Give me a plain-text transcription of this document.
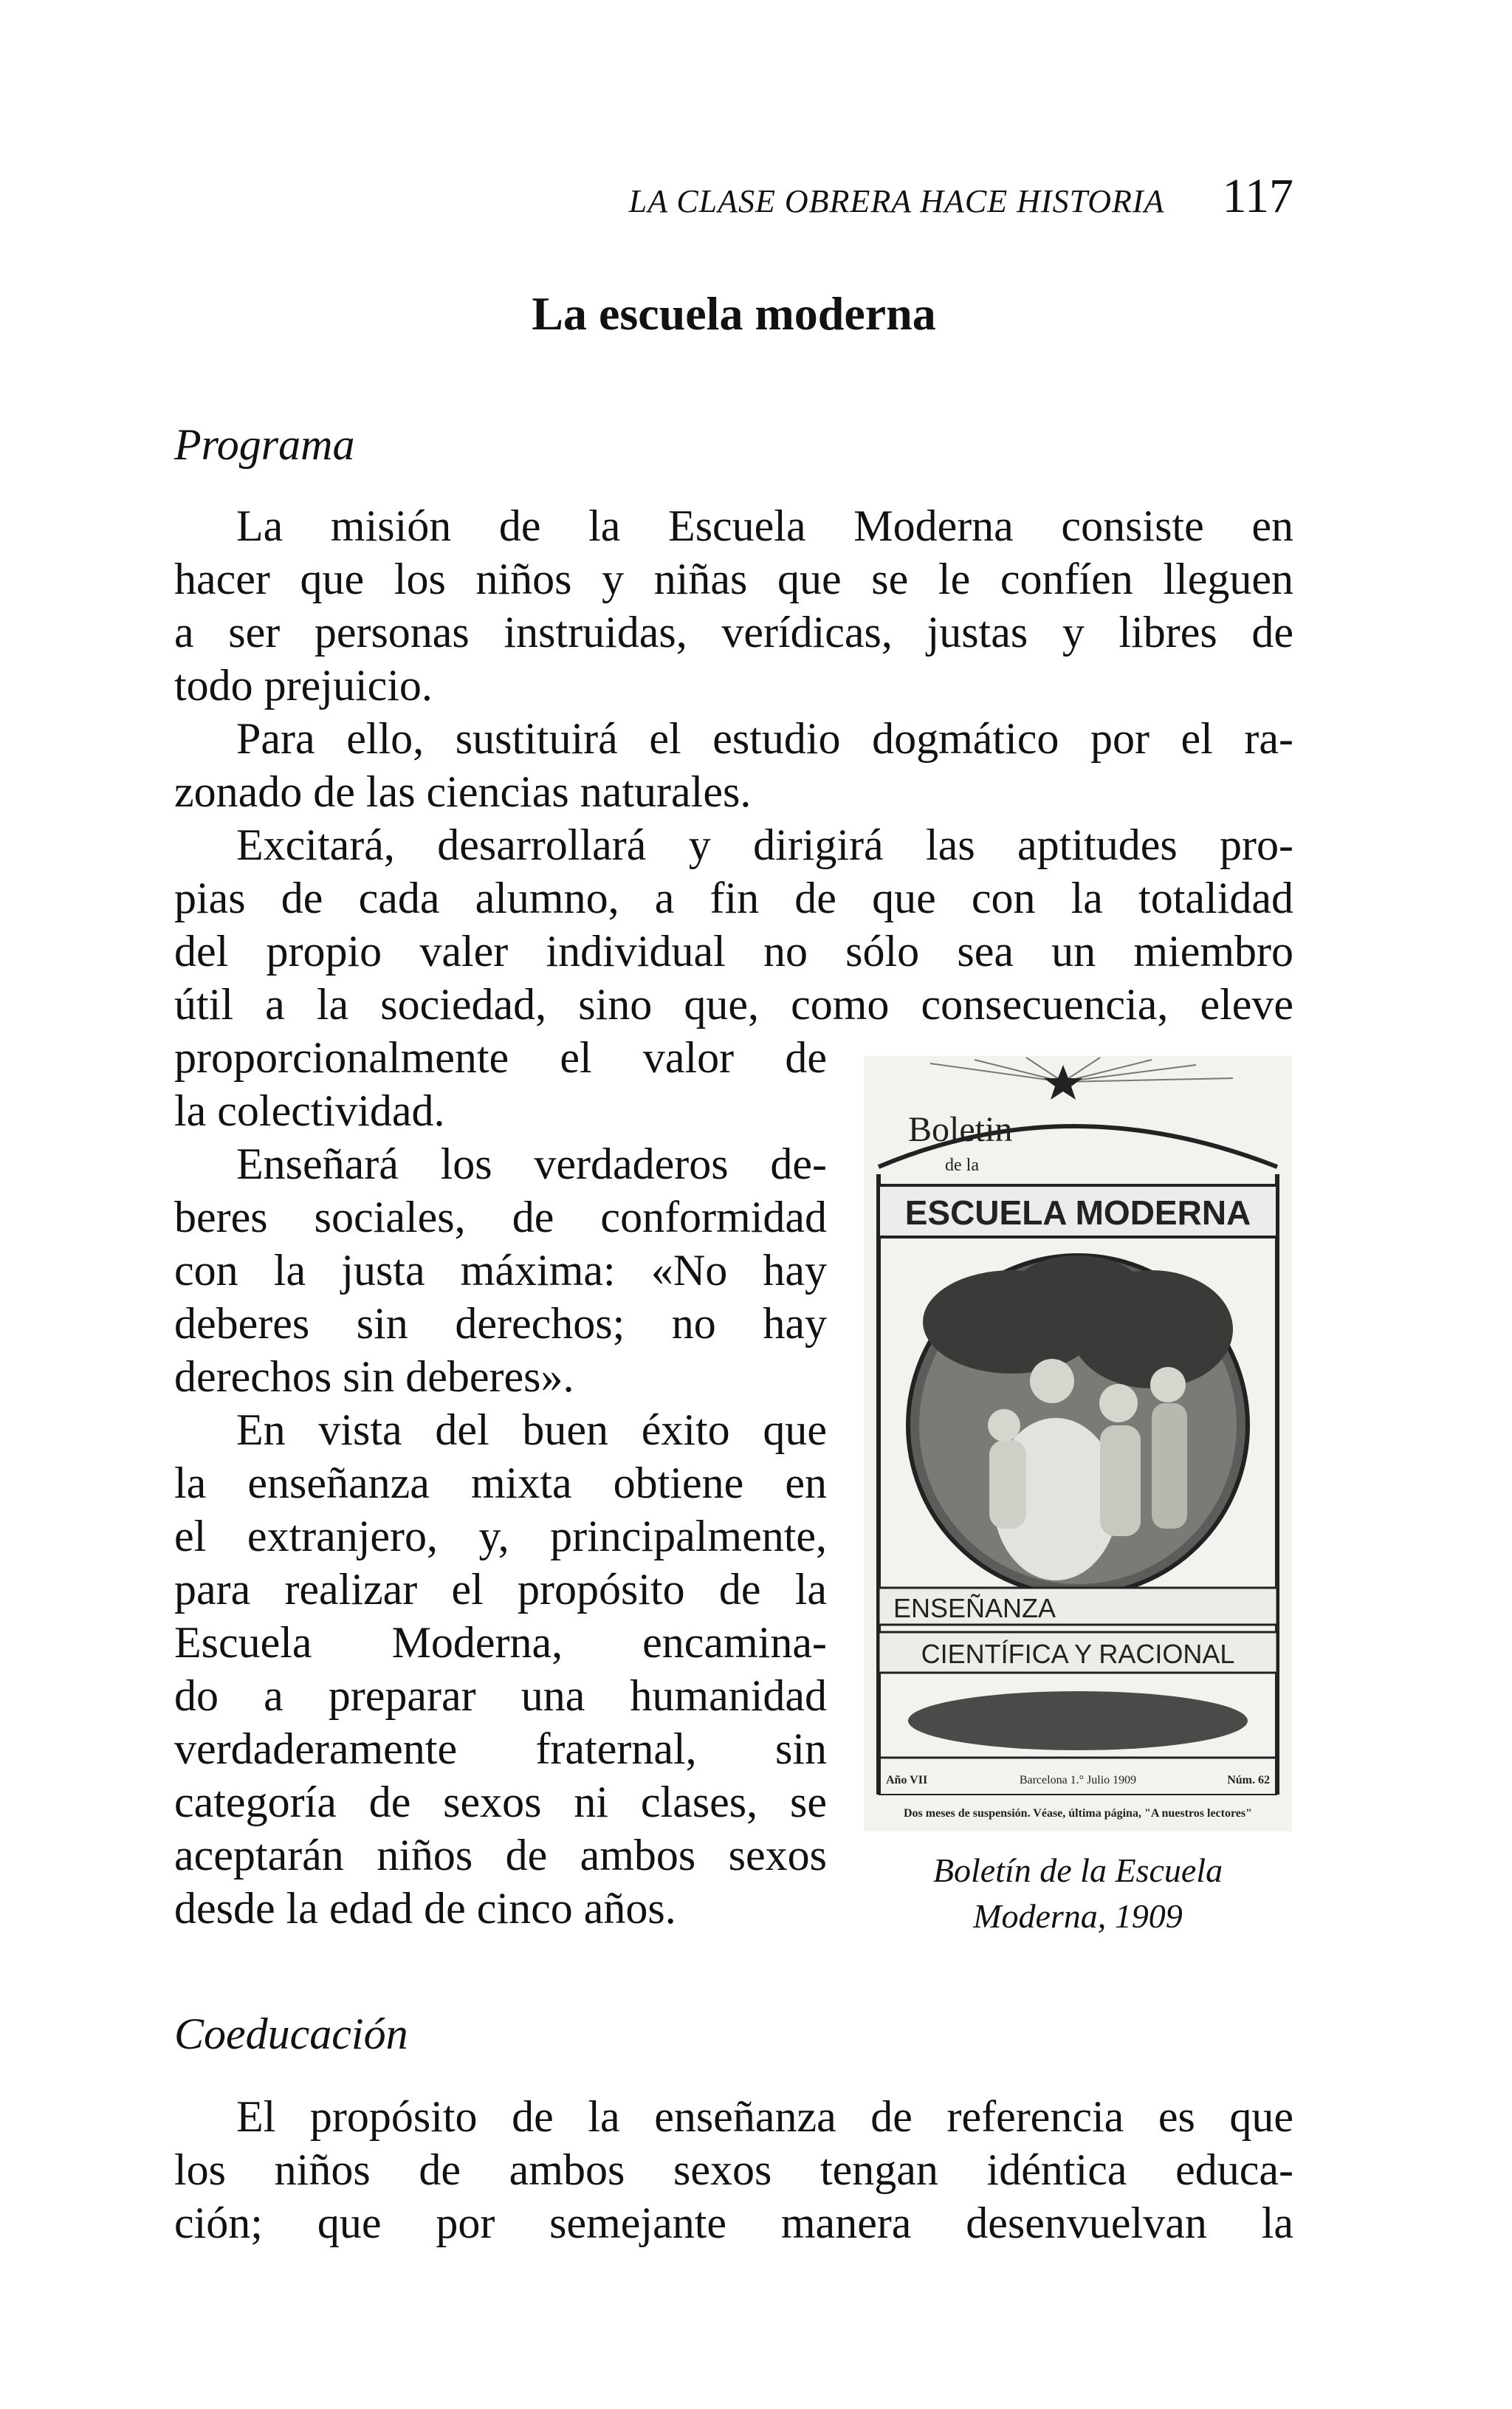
LA CLASE OBRERA HACE HISTORIA 117
La escuela moderna
Programa
La misión de la Escuela Moderna consiste en
hacer que los niños y niñas que se le confíen lleguen
a ser personas instruidas, verídicas, justas y libres de
todo prejuicio.
Para ello, sustituirá el estudio dogmático por el ra-
zonado de las ciencias naturales.
Excitará, desarrollará y dirigirá las aptitudes pro-
pias de cada alumno, a fin de que con la totalidad
del propio valer individual no sólo sea un miembro
útil a la sociedad, sino que, como consecuencia, eleve
proporcionalmente el valor de
la colectividad.
Enseñará los verdaderos de-
beres sociales, de conformidad
con la justa máxima: «No hay
deberes sin derechos; no hay
derechos sin deberes».
En vista del buen éxito que
la enseñanza mixta obtiene en
el extranjero, y, principalmente,
para realizar el propósito de la
Escuela Moderna, encamina-
do a preparar una humanidad
verdaderamente fraternal, sin
categoría de sexos ni clases, se
aceptarán niños de ambos sexos
desde la edad de cinco años.
Boletin
de la
ESCUELA MODERNA
ENSEÑANZA
CIENTÍFICA Y RACIONAL
Año VII	Barcelona 1.° Julio 1909	Núm. 62
Dos meses de suspensión. Véase, última página, "A nuestros lectores"
Boletín de la Escuela
Moderna, 1909
Coeducación
El propósito de la enseñanza de referencia es que
los niños de ambos sexos tengan idéntica educa-
ción; que por semejante manera desenvuelvan la
